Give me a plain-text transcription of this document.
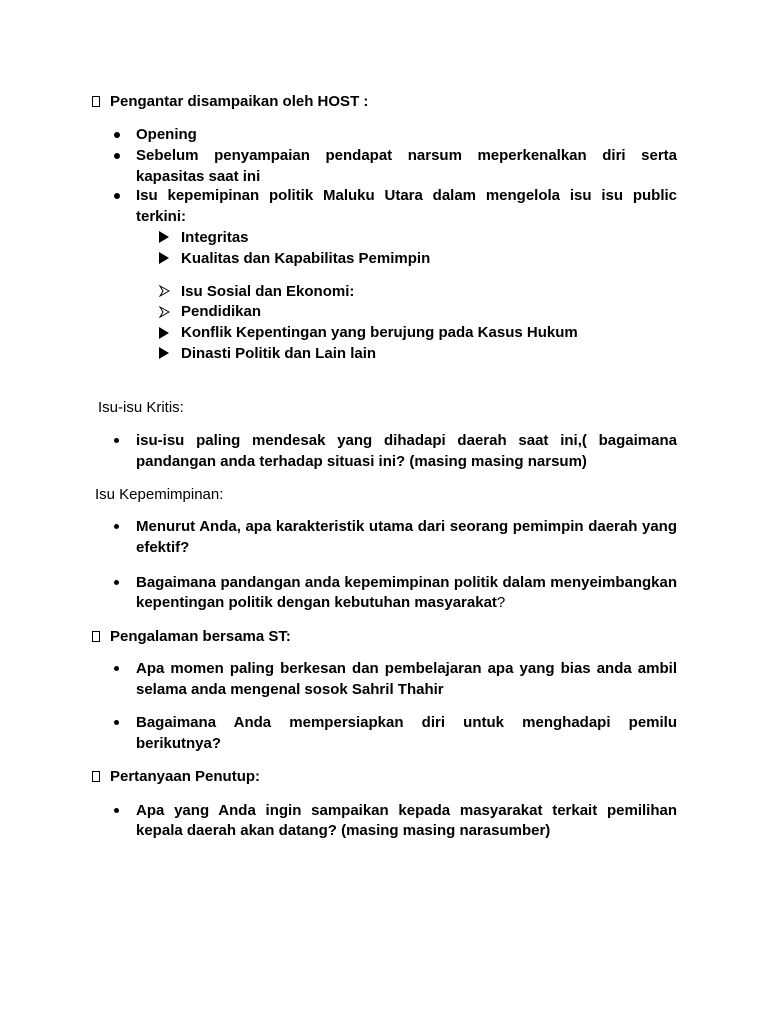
Pengantar disampaikan oleh HOST :
Opening
Sebelum penyampaian pendapat narsum meperkenalkan diri serta
kapasitas saat ini
Isu kepemipinan politik Maluku Utara dalam mengelola isu isu public
terkini:
Integritas
Kualitas dan Kapabilitas Pemimpin
Isu Sosial dan Ekonomi:
Pendidikan
Konflik Kepentingan yang berujung pada Kasus Hukum
Dinasti Politik dan Lain lain
Isu-isu Kritis:
isu-isu paling mendesak yang dihadapi daerah saat ini,( bagaimana
pandangan anda terhadap situasi ini? (masing masing narsum)
Isu Kepemimpinan:
Menurut Anda, apa karakteristik utama dari seorang pemimpin daerah yang
efektif?
Bagaimana pandangan anda kepemimpinan politik dalam menyeimbangkan
kepentingan politik dengan kebutuhan masyarakat?
Pengalaman bersama ST:
Apa momen paling berkesan dan pembelajaran apa yang bias anda ambil
selama anda mengenal sosok Sahril Thahir
Bagaimana Anda mempersiapkan diri untuk menghadapi pemilu
berikutnya?
Pertanyaan Penutup:
Apa yang Anda ingin sampaikan kepada masyarakat terkait pemilihan
kepala daerah akan datang? (masing masing narasumber)
